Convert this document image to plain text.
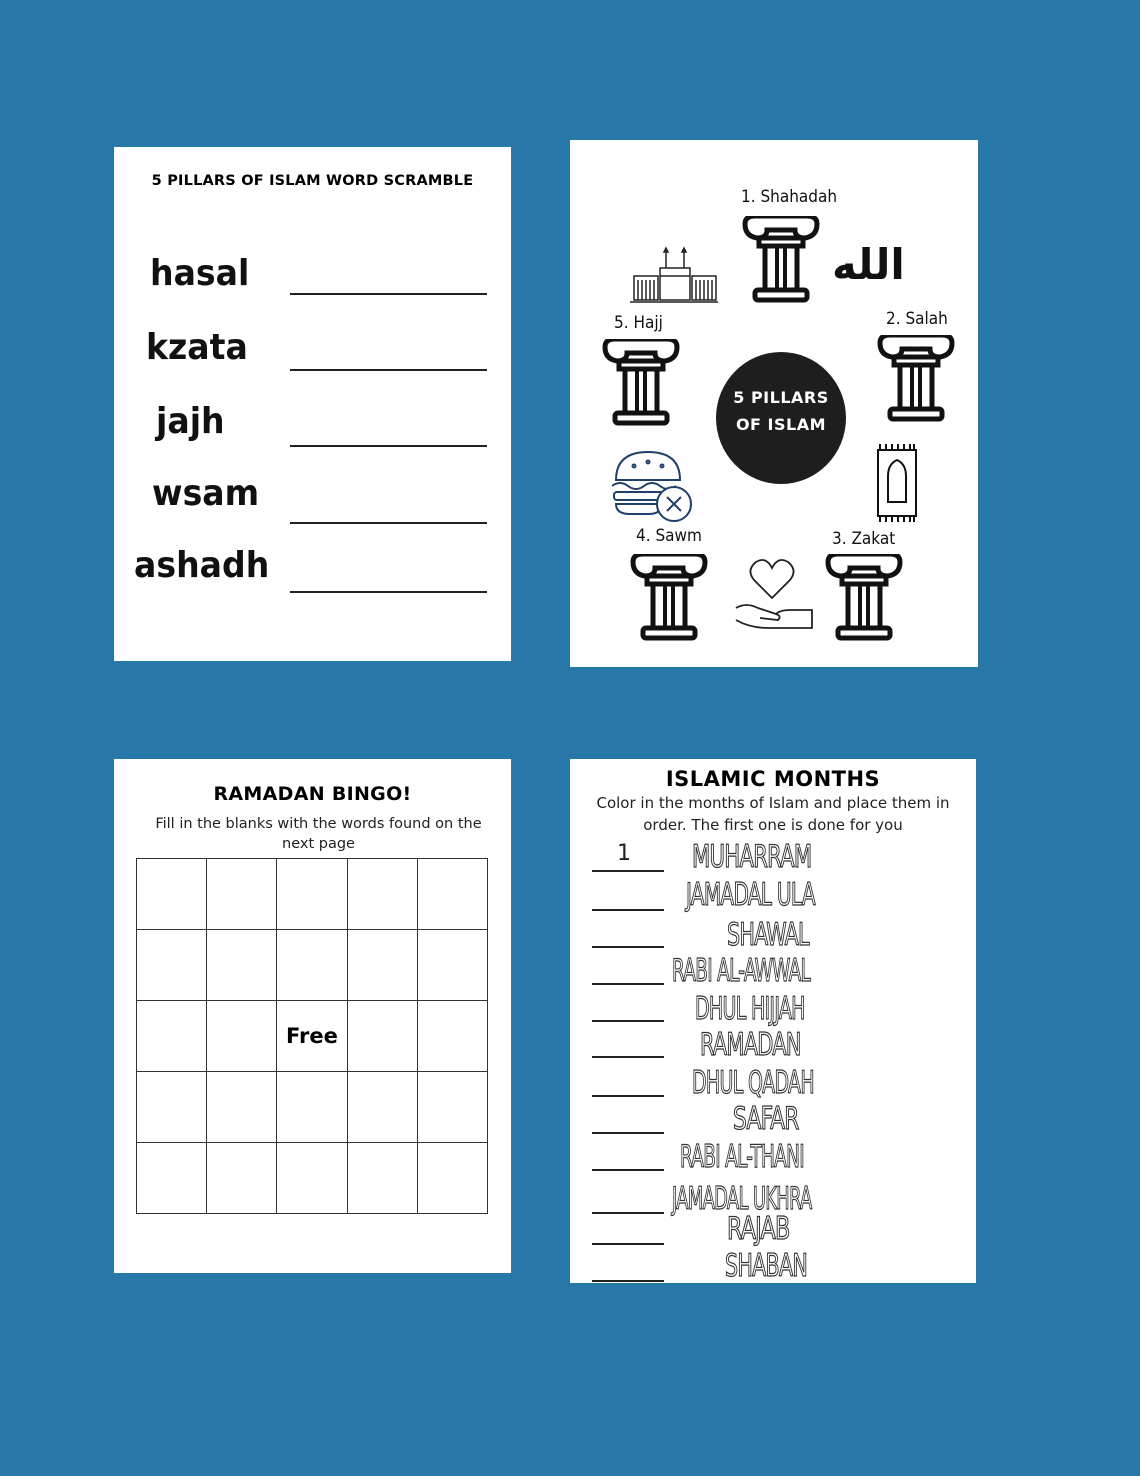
5 PILLARS OF ISLAM WORD SCRAMBLE
hasal
kzata
jajh
wsam
ashadh
1. Shahadah
الله
5. Hajj	2. Salah
5 PILLARS
OF ISLAM
4. Sawm	3. Zakat
RAMADAN BINGO!
Fill in the blanks with the words found on the next page

		Free		

ISLAMIC MONTHS
Color in the months of Islam and place them in order. The first one is done for you
1 MUHARRAM
JAMADAL ULA
SHAWAL
RABI AL-AWWAL
DHUL HIJJAH
RAMADAN
DHUL QADAH
SAFAR
RABI AL-THANI
JAMADAL UKHRA
RAJAB
SHABAN
